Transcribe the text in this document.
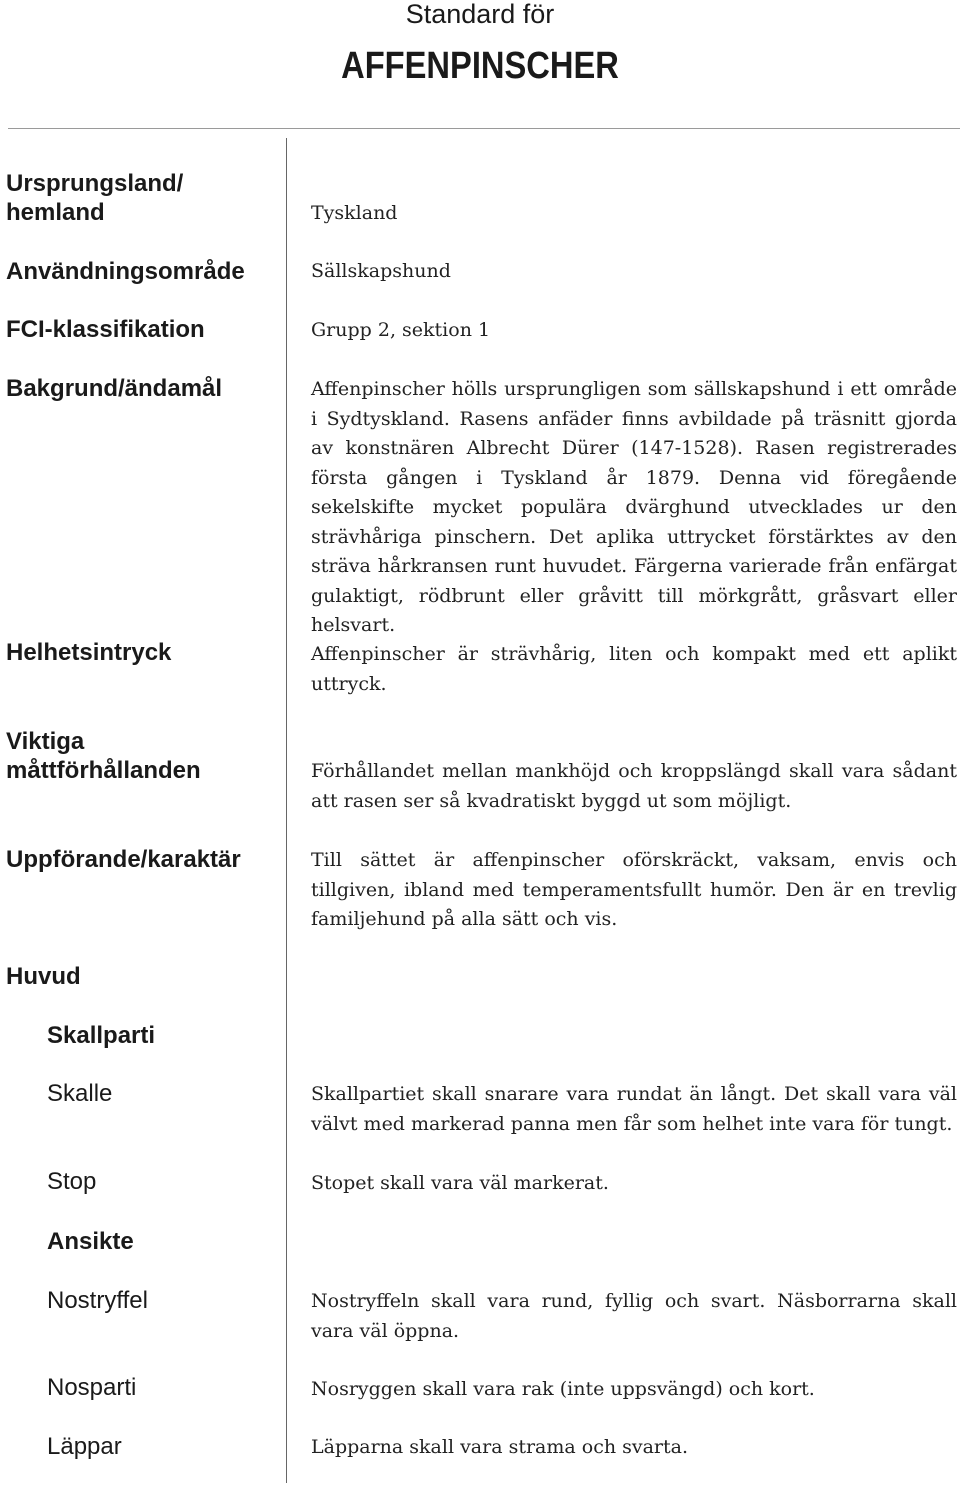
Standard för
AFFENPINSCHER
Ursprungsland/
hemland	Tyskland
Användningsområde	Sällskapshund
FCI-klassifikation	Grupp 2, sektion 1
Bakgrund/ändamål	Affenpinscher hölls ursprungligen som sällskapshund i ett område i Sydtyskland. Rasens anfäder finns avbildade på träsnitt gjorda av konstnären Albrecht Dürer (147-1528). Rasen registrerades första gången i Tyskland år 1879. Denna vid föregående sekelskifte mycket populära dvärghund utvecklades ur den strävhåriga pinschern. Det aplika uttrycket förstärktes av den sträva hårkransen runt huvudet. Färgerna varierade från enfärgat gulaktigt, rödbrunt eller gråvitt till mörkgrått, gråsvart eller helsvart.
Helhetsintryck	Affenpinscher är strävhårig, liten och kompakt med ett aplikt uttryck.
Viktiga
måttförhållanden	Förhållandet mellan mankhöjd och kroppslängd skall vara sådant att rasen ser så kvadratiskt byggd ut som möjligt.
Uppförande/karaktär	Till sättet är affenpinscher oförskräckt, vaksam, envis och tillgiven, ibland med temperamentsfullt humör. Den är en trevlig familjehund på alla sätt och vis.
Huvud
Skallparti
Skalle	Skallpartiet skall snarare vara rundat än långt. Det skall vara väl välvt med markerad panna men får som helhet inte vara för tungt.
Stop	Stopet skall vara väl markerat.
Ansikte
Nostryffel	Nostryffeln skall vara rund, fyllig och svart. Näsborrarna skall vara väl öppna.
Nosparti	Nosryggen skall vara rak (inte uppsvängd) och kort.
Läppar	Läpparna skall vara strama och svarta.
